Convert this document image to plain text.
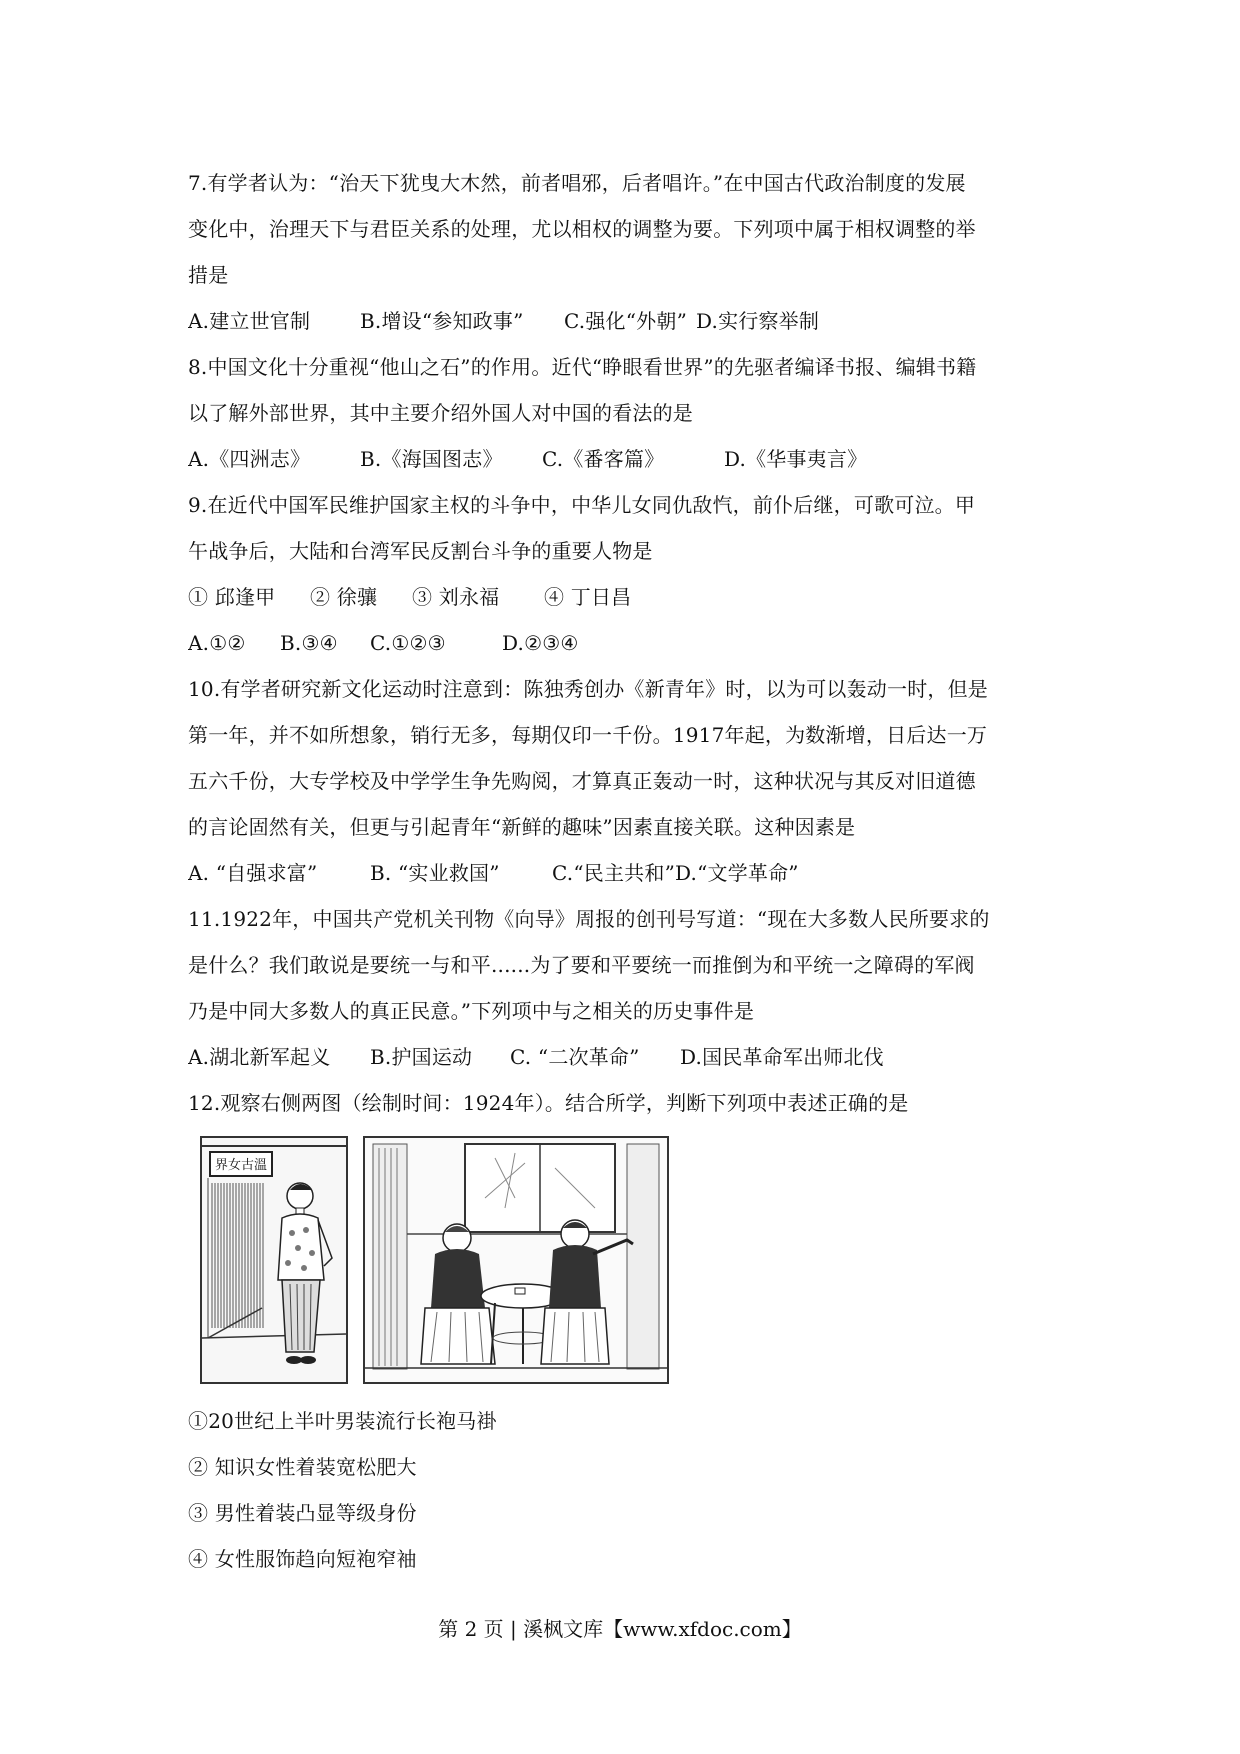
7.有学者认为：“治天下犹曳大木然，前者唱邪，后者唱许。”在中国古代政治制度的发展
变化中，治理天下与君臣关系的处理，尤以相权的调整为要。下列项中属于相权调整的举
措是
A.建立世官制	B.增设“参知政事”	C.强化“外朝” D.实行察举制
8.中国文化十分重视“他山之石”的作用。近代“睁眼看世界”的先驱者编译书报、编辑书籍
以了解外部世界，其中主要介绍外国人对中国的看法的是
A.《四洲志》	B.《海国图志》	C.《番客篇》	D.《华事夷言》
9.在近代中国军民维护国家主权的斗争中，中华儿女同仇敌忾，前仆后继，可歌可泣。甲
午战争后，大陆和台湾军民反割台斗争的重要人物是
① 邱逢甲	② 徐骧	③ 刘永福	④ 丁日昌
A.①②	B.③④	C.①②③	D.②③④
10.有学者研究新文化运动时注意到：陈独秀创办《新青年》时，以为可以轰动一时，但是
第一年，并不如所想象，销行无多，每期仅印一千份。1917年起，为数渐增，日后达一万
五六千份，大专学校及中学学生争先购阅，才算真正轰动一时，这种状况与其反对旧道德
的言论固然有关，但更与引起青年“新鲜的趣味”因素直接关联。这种因素是
A. “自强求富”	B. “实业救国”	C.“民主共和”D.“文学革命”
11.1922年，中国共产党机关刊物《向导》周报的创刊号写道：“现在大多数人民所要求的
是什么？我们敢说是要统一与和平......为了要和平要统一而推倒为和平统一之障碍的军阀
乃是中同大多数人的真正民意。”下列项中与之相关的历史事件是
A.湖北新军起义	B.护国运动	C. “二次革命”	D.国民革命军出师北伐
12.观察右侧两图（绘制时间：1924年）。结合所学，判断下列项中表述正确的是
界女古溫
①20世纪上半叶男装流行长袍马褂
② 知识女性着装宽松肥大
③ 男性着装凸显等级身份
④ 女性服饰趋向短袍窄袖
第 2 页 | 溪枫文库【www.xfdoc.com】
